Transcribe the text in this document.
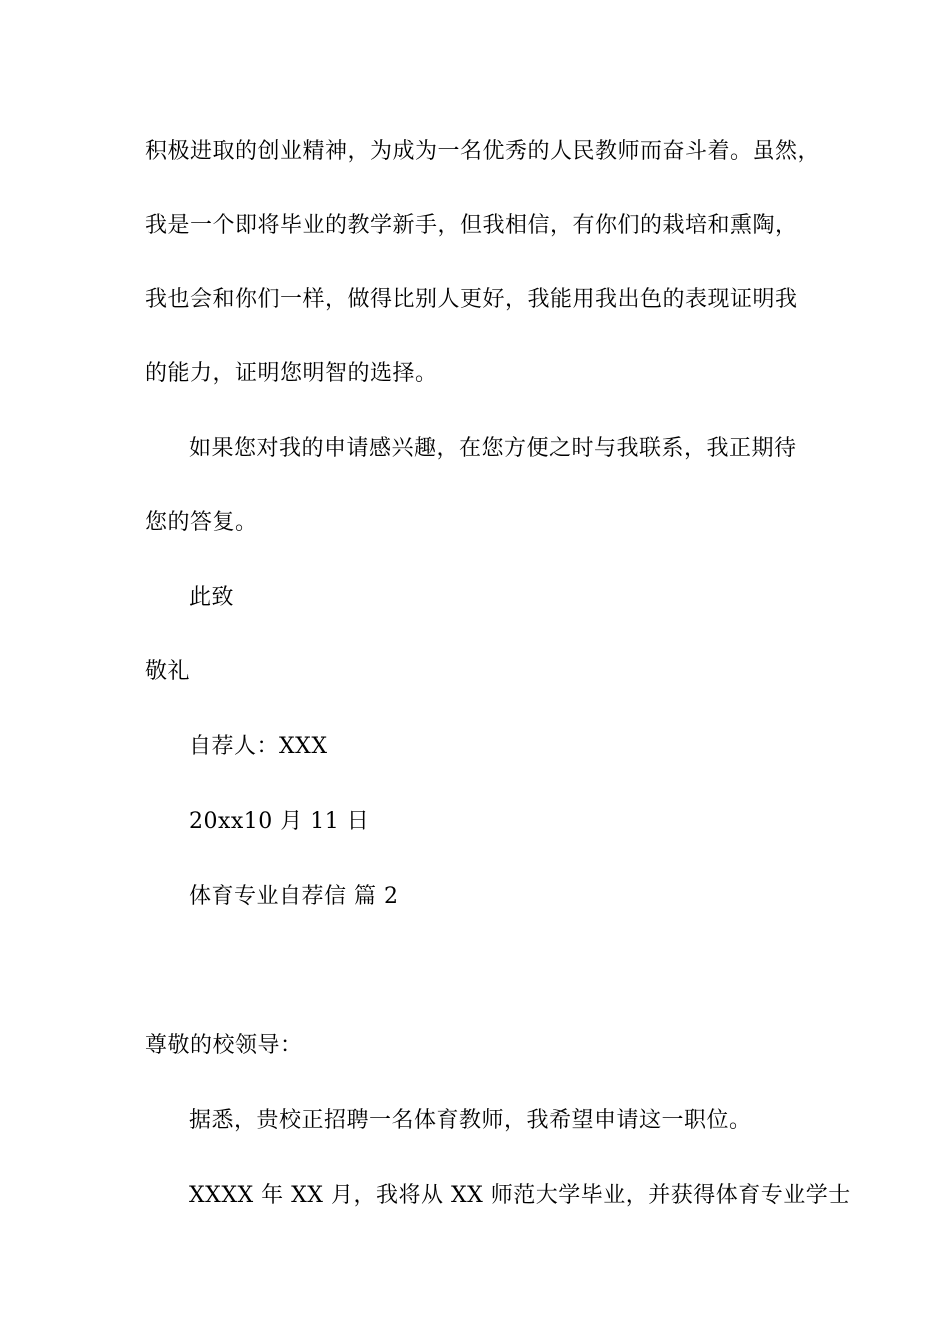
积极进取的创业精神，为成为一名优秀的人民教师而奋斗着。虽然，
我是一个即将毕业的教学新手，但我相信，有你们的栽培和熏陶，
我也会和你们一样，做得比别人更好，我能用我出色的表现证明我
的能力，证明您明智的选择。
如果您对我的申请感兴趣，在您方便之时与我联系，我正期待
您的答复。
此致
敬礼
自荐人：XXX
20xx10 月 11 日
体育专业自荐信 篇 2
尊敬的校领导：
据悉，贵校正招聘一名体育教师，我希望申请这一职位。
XXXX 年 XX 月，我将从 XX 师范大学毕业，并获得体育专业学士
